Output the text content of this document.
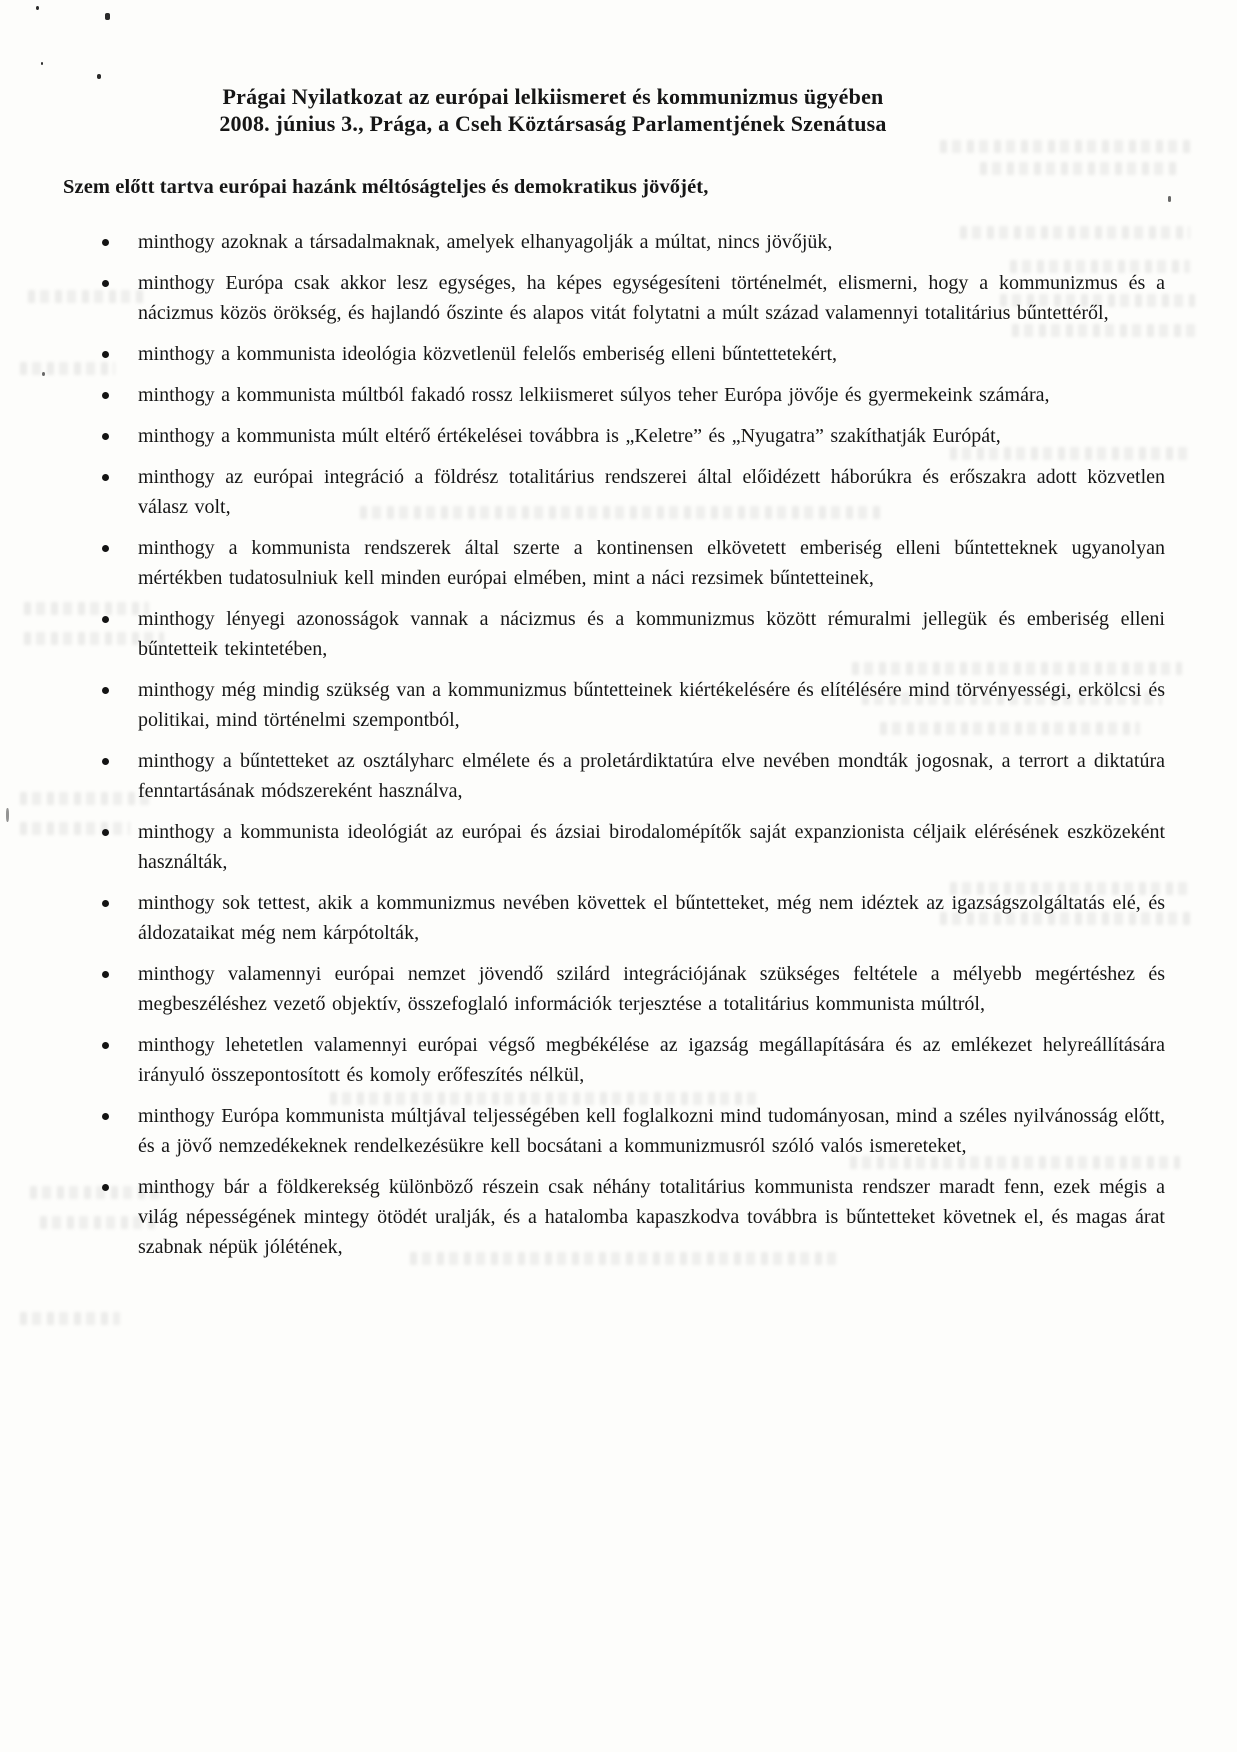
Prágai Nyilatkozat az európai lelkiismeret és kommunizmus ügyében
2008. június 3., Prága, a Cseh Köztársaság Parlamentjének Szenátusa

Szem előtt tartva európai hazánk méltóságteljes és demokratikus jövőjét,

minthogy azoknak a társadalmaknak, amelyek elhanyagolják a múltat, nincs jövőjük,
minthogy Európa csak akkor lesz egységes, ha képes egységesíteni történelmét, elismerni, hogy a kommunizmus és a nácizmus közös örökség, és hajlandó őszinte és alapos vitát folytatni a múlt század valamennyi totalitárius bűntettéről,
minthogy a kommunista ideológia közvetlenül felelős emberiség elleni bűntettetekért,
minthogy a kommunista múltból fakadó rossz lelkiismeret súlyos teher Európa jövője és gyermekeink számára,
minthogy a kommunista múlt eltérő értékelései továbbra is „Keletre” és „Nyugatra” szakíthatják Európát,
minthogy az európai integráció a földrész totalitárius rendszerei által előidézett háborúkra és erőszakra adott közvetlen válasz volt,
minthogy a kommunista rendszerek által szerte a kontinensen elkövetett emberiség elleni bűntetteknek ugyanolyan mértékben tudatosulniuk kell minden európai elmében, mint a náci rezsimek bűntetteinek,
minthogy lényegi azonosságok vannak a nácizmus és a kommunizmus között rémuralmi jellegük és emberiség elleni bűntetteik tekintetében,
minthogy még mindig szükség van a kommunizmus bűntetteinek kiértékelésére és elítélésére mind törvényességi, erkölcsi és politikai, mind történelmi szempontból,
minthogy a bűntetteket az osztályharc elmélete és a proletárdiktatúra elve nevében mondták jogosnak, a terrort a diktatúra fenntartásának módszereként használva,
minthogy a kommunista ideológiát az európai és ázsiai birodalomépítők saját expanzionista céljaik elérésének eszközeként használták,
minthogy sok tettest, akik a kommunizmus nevében követtek el bűntetteket, még nem idéztek az igazságszolgáltatás elé, és áldozataikat még nem kárpótolták,
minthogy valamennyi európai nemzet jövendő szilárd integrációjának szükséges feltétele a mélyebb megértéshez és megbeszéléshez vezető objektív, összefoglaló információk terjesztése a totalitárius kommunista múltról,
minthogy lehetetlen valamennyi európai végső megbékélése az igazság megállapítására és az emlékezet helyreállítására irányuló összepontosított és komoly erőfeszítés nélkül,
minthogy Európa kommunista múltjával teljességében kell foglalkozni mind tudományosan, mind a széles nyilvánosság előtt, és a jövő nemzedékeknek rendelkezésükre kell bocsátani a kommunizmusról szóló valós ismereteket,
minthogy bár a földkerekség különböző részein csak néhány totalitárius kommunista rendszer maradt fenn, ezek mégis a világ népességének mintegy ötödét uralják, és a hatalomba kapaszkodva továbbra is bűntetteket követnek el, és magas árat szabnak népük jólétének,
